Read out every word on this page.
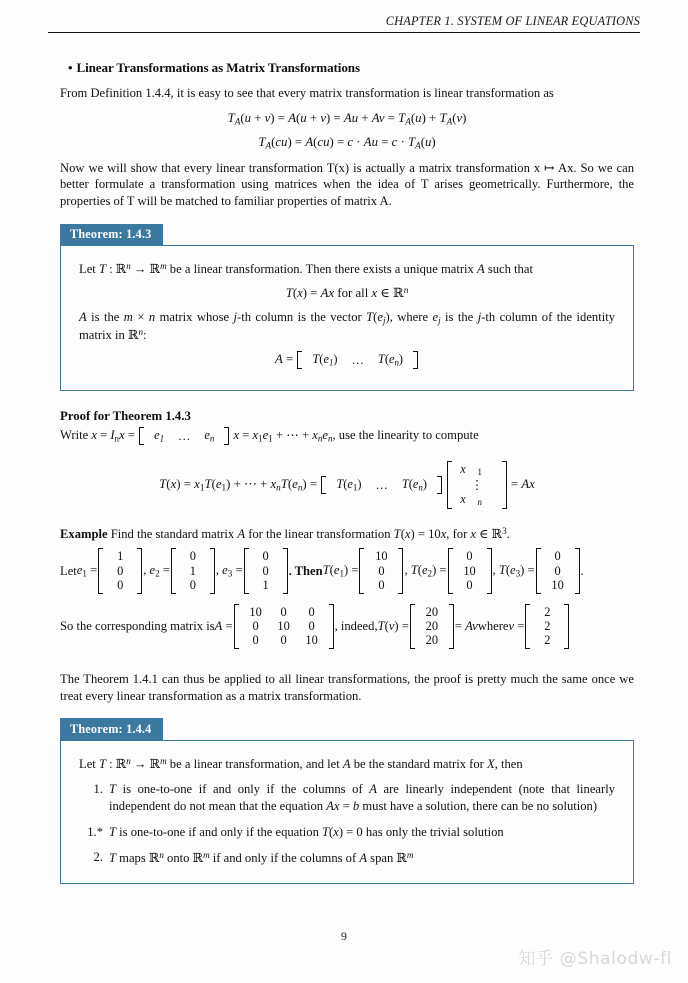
CHAPTER 1. SYSTEM OF LINEAR EQUATIONS
• Linear Transformations as Matrix Transformations

From Definition 1.4.4, it is easy to see that every matrix transformation is linear transformation as

$T_A(u + v) = A(u + v) = Au + Av = T_A(u) + T_A(v)$
$T_A(cu) = A(cu) = c \cdot Au = c \cdot T_A(u)$

Now we will show that every linear transformation T(x) is actually a matrix transformation x ↦ Ax. So we can better formulate a transformation using matrices when the idea of T arises geometrically. Furthermore, the properties of T will be matched to familiar properties of matrix A.

Theorem: 1.4.3

Let T : ℝ$^n$ → ℝ$^m$ be a linear transformation. Then there exists a unique matrix A such that

T(x) = Ax for all x ∈ ℝ$^n$

A is the m × n matrix whose j-th column is the vector $T(e_j)$, where $e_j$ is the j-th column of the identity matrix in ℝ$^n$:

A =	$T(e_1)$	…	$T(e_n)$
Proof for Theorem 1.4.3

Write x = Inx =	$e_1$	…	$e_n$	x = x1e1 + ⋯ + $x_ne_n$, use the linearity to compute

T(x) = x1T(e1) + ⋯ + $x_nT(e_n)$ =	T(e1)	…	$T(e_n)$

x 1
⋮
x n
= Ax

Example Find the standard matrix A for the linear transformation T(x) = 10x, for x ∈ ℝ$^3$.

Let e1 =
1
0
0
, e2 =
0
1
0
, e3 =
0
0
1
. Then T(e1) =
10
0
0
, T(e2) =
0
10
0
, T(e3) =
0
0
10
.
So the corresponding matrix is A =
10	0	0
0	10	0
0	0	10
, indeed, T(v) =
20
20
20
= Av where v =
2
2
2

The Theorem 1.4.1 can thus be applied to all linear transformations, the proof is pretty much the same once we treat every linear transformation as a matrix transformation.

Theorem: 1.4.4

Let T : ℝ$^n$ → ℝ$^m$ be a linear transformation, and let A be the standard matrix for X, then

1. T is one-to-one if and only if the columns of A are linearly independent (note that linearly independent do not mean that the equation Ax = b must have a solution, there can be no solution)
1.* T is one-to-one if and only if the equation T(x) = 0 has only the trivial solution
2. T maps ℝ$^n$ onto ℝ$^m$ if and only if the columns of A span ℝ$^m$
9
知乎 @Shalodw-fl
